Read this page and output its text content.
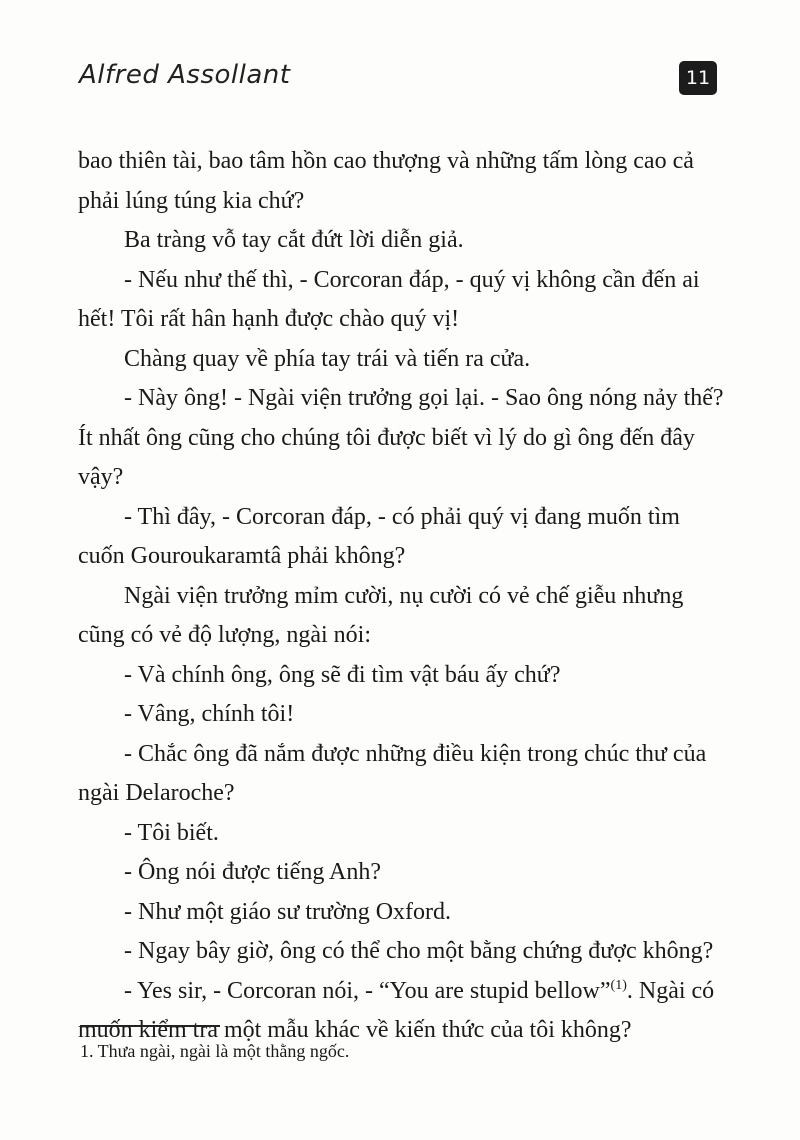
Alfred Assollant	11

bao thiên tài, bao tâm hồn cao thượng và những tấm lòng cao cả phải lúng túng kia chứ?

Ba tràng vỗ tay cắt đứt lời diễn giả.

- Nếu như thế thì, - Corcoran đáp, - quý vị không cần đến ai hết! Tôi rất hân hạnh được chào quý vị!

Chàng quay về phía tay trái và tiến ra cửa.

- Này ông! - Ngài viện trưởng gọi lại. - Sao ông nóng nảy thế? Ít nhất ông cũng cho chúng tôi được biết vì lý do gì ông đến đây vậy?

- Thì đây, - Corcoran đáp, - có phải quý vị đang muốn tìm cuốn Gouroukaramtâ phải không?

Ngài viện trưởng mỉm cười, nụ cười có vẻ chế giễu nhưng cũng có vẻ độ lượng, ngài nói:

- Và chính ông, ông sẽ đi tìm vật báu ấy chứ?

- Vâng, chính tôi!

- Chắc ông đã nắm được những điều kiện trong chúc thư của ngài Delaroche?

- Tôi biết.

- Ông nói được tiếng Anh?

- Như một giáo sư trường Oxford.

- Ngay bây giờ, ông có thể cho một bằng chứng được không?

- Yes sir, - Corcoran nói, - “You are stupid bellow”$^{(1)}$. Ngài có muốn kiểm tra một mẫu khác về kiến thức của tôi không?

1. Thưa ngài, ngài là một thằng ngốc.
